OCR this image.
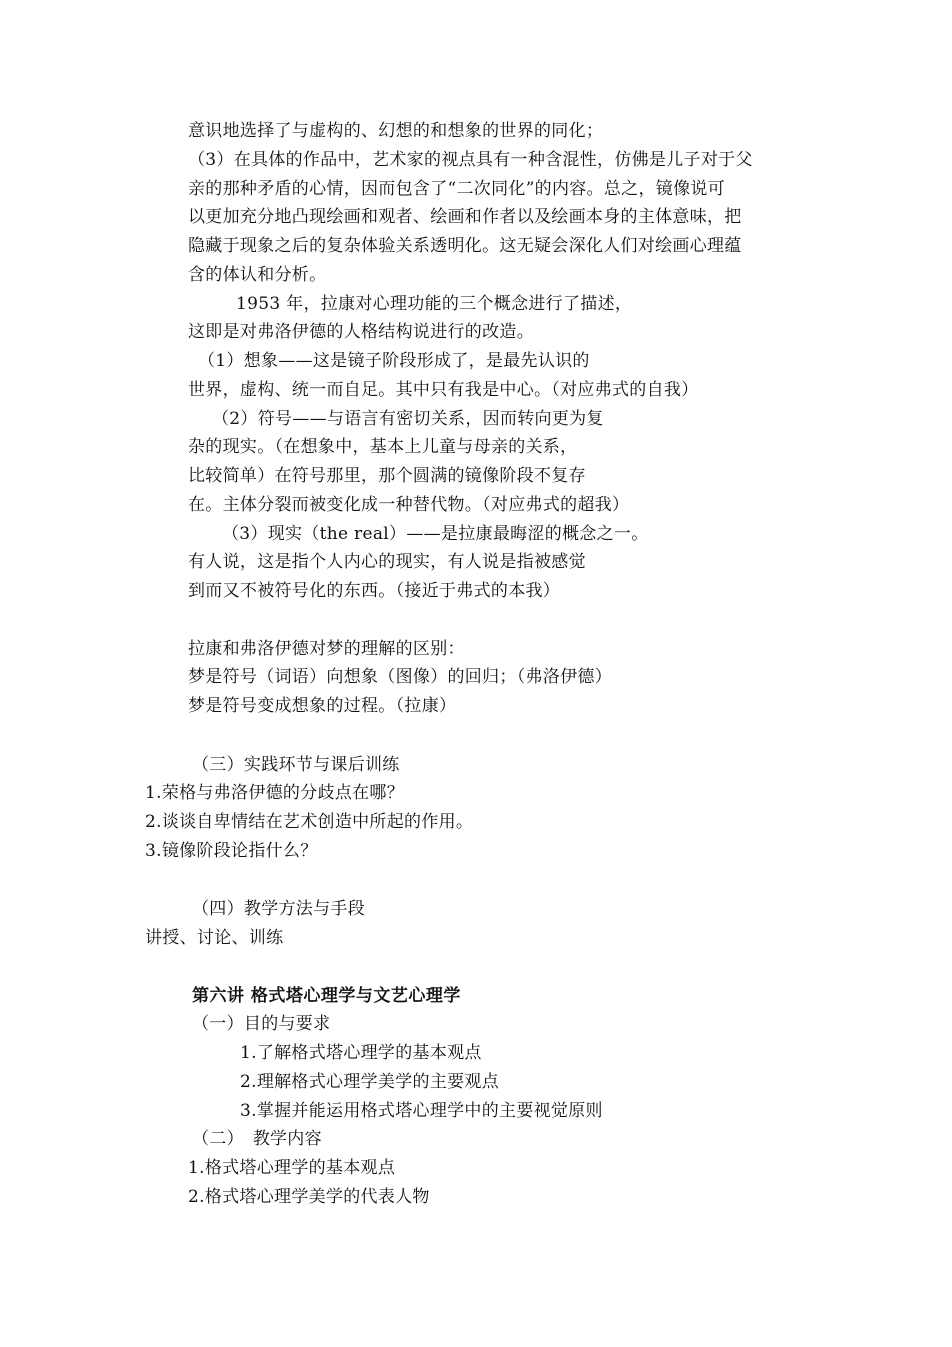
意识地选择了与虚构的、幻想的和想象的世界的同化；
（3）在具体的作品中，艺术家的视点具有一种含混性，仿佛是儿子对于父
亲的那种矛盾的心情，因而包含了“二次同化”的内容。总之，镜像说可
以更加充分地凸现绘画和观者、绘画和作者以及绘画本身的主体意味，把
隐藏于现象之后的复杂体验关系透明化。这无疑会深化人们对绘画心理蕴
含的体认和分析。
1953 年，拉康对心理功能的三个概念进行了描述，
这即是对弗洛伊德的人格结构说进行的改造。
（1）想象——这是镜子阶段形成了，是最先认识的
世界，虚构、统一而自足。其中只有我是中心。（对应弗式的自我）
（2）符号——与语言有密切关系，因而转向更为复
杂的现实。（在想象中，基本上儿童与母亲的关系，
比较简单）在符号那里，那个圆满的镜像阶段不复存
在。主体分裂而被变化成一种替代物。（对应弗式的超我）
（3）现实（the real）——是拉康最晦涩的概念之一。
有人说，这是指个人内心的现实，有人说是指被感觉
到而又不被符号化的东西。（接近于弗式的本我）
拉康和弗洛伊德对梦的理解的区别：
梦是符号（词语）向想象（图像）的回归；（弗洛伊德）
梦是符号变成想象的过程。（拉康）
（三）实践环节与课后训练
1.荣格与弗洛伊德的分歧点在哪？
2.谈谈自卑情结在艺术创造中所起的作用。
3.镜像阶段论指什么？
（四）教学方法与手段
讲授、讨论、训练
第六讲 格式塔心理学与文艺心理学
（一）目的与要求
1.了解格式塔心理学的基本观点
2.理解格式心理学美学的主要观点
3.掌握并能运用格式塔心理学中的主要视觉原则
（二）　教学内容
1.格式塔心理学的基本观点
2.格式塔心理学美学的代表人物
